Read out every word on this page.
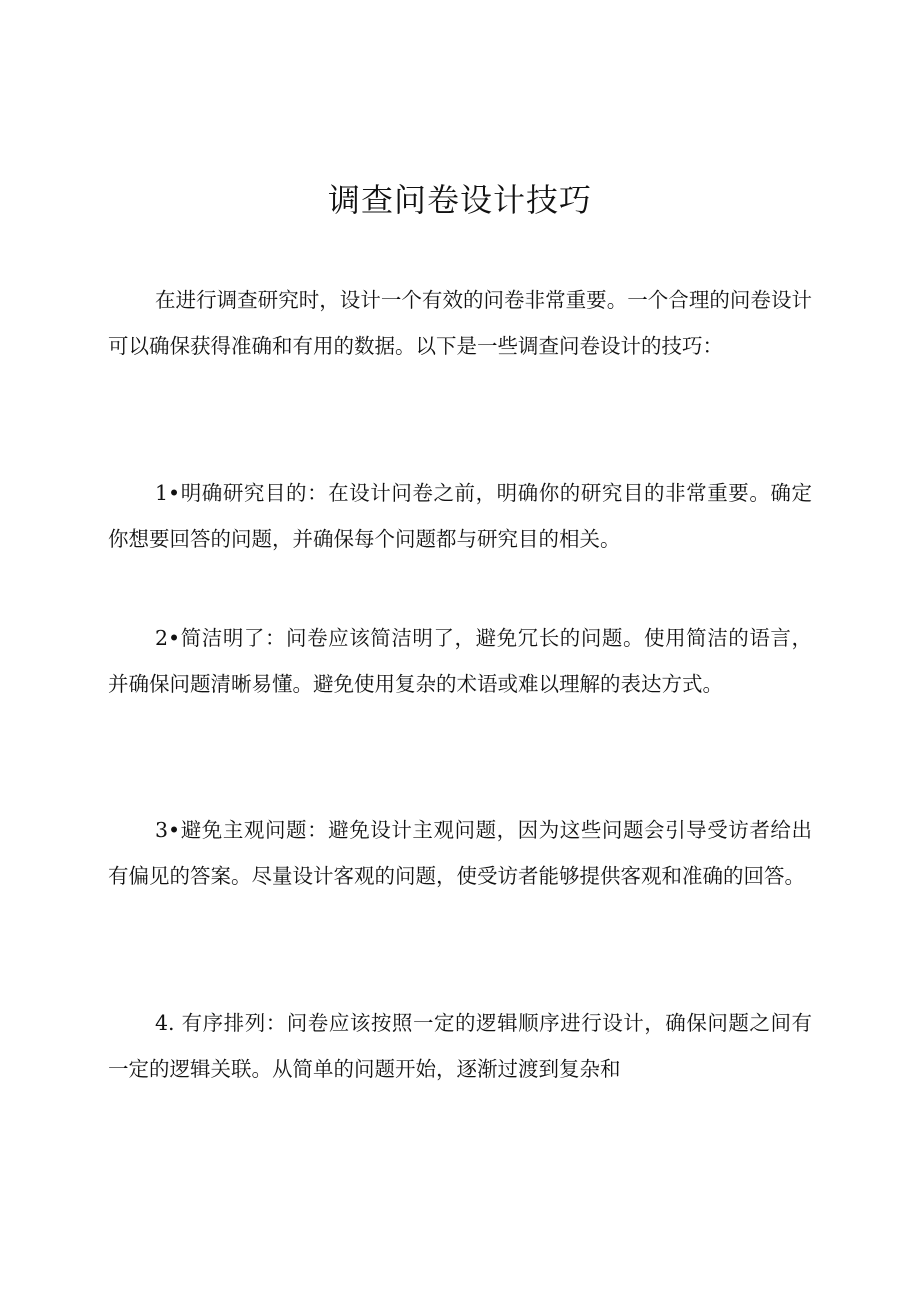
调查问卷设计技巧

在进行调查研究时，设计一个有效的问卷非常重要。一个合理的问卷设计可以确保获得准确和有用的数据。以下是一些调查问卷设计的技巧：

1•明确研究目的：在设计问卷之前，明确你的研究目的非常重要。确定你想要回答的问题，并确保每个问题都与研究目的相关。

2•简洁明了：问卷应该简洁明了，避免冗长的问题。使用简洁的语言，并确保问题清晰易懂。避免使用复杂的术语或难以理解的表达方式。

3•避免主观问题：避免设计主观问题，因为这些问题会引导受访者给出有偏见的答案。尽量设计客观的问题，使受访者能够提供客观和准确的回答。

4. 有序排列：问卷应该按照一定的逻辑顺序进行设计，确保问题之间有一定的逻辑关联。从简单的问题开始，逐渐过渡到复杂和
